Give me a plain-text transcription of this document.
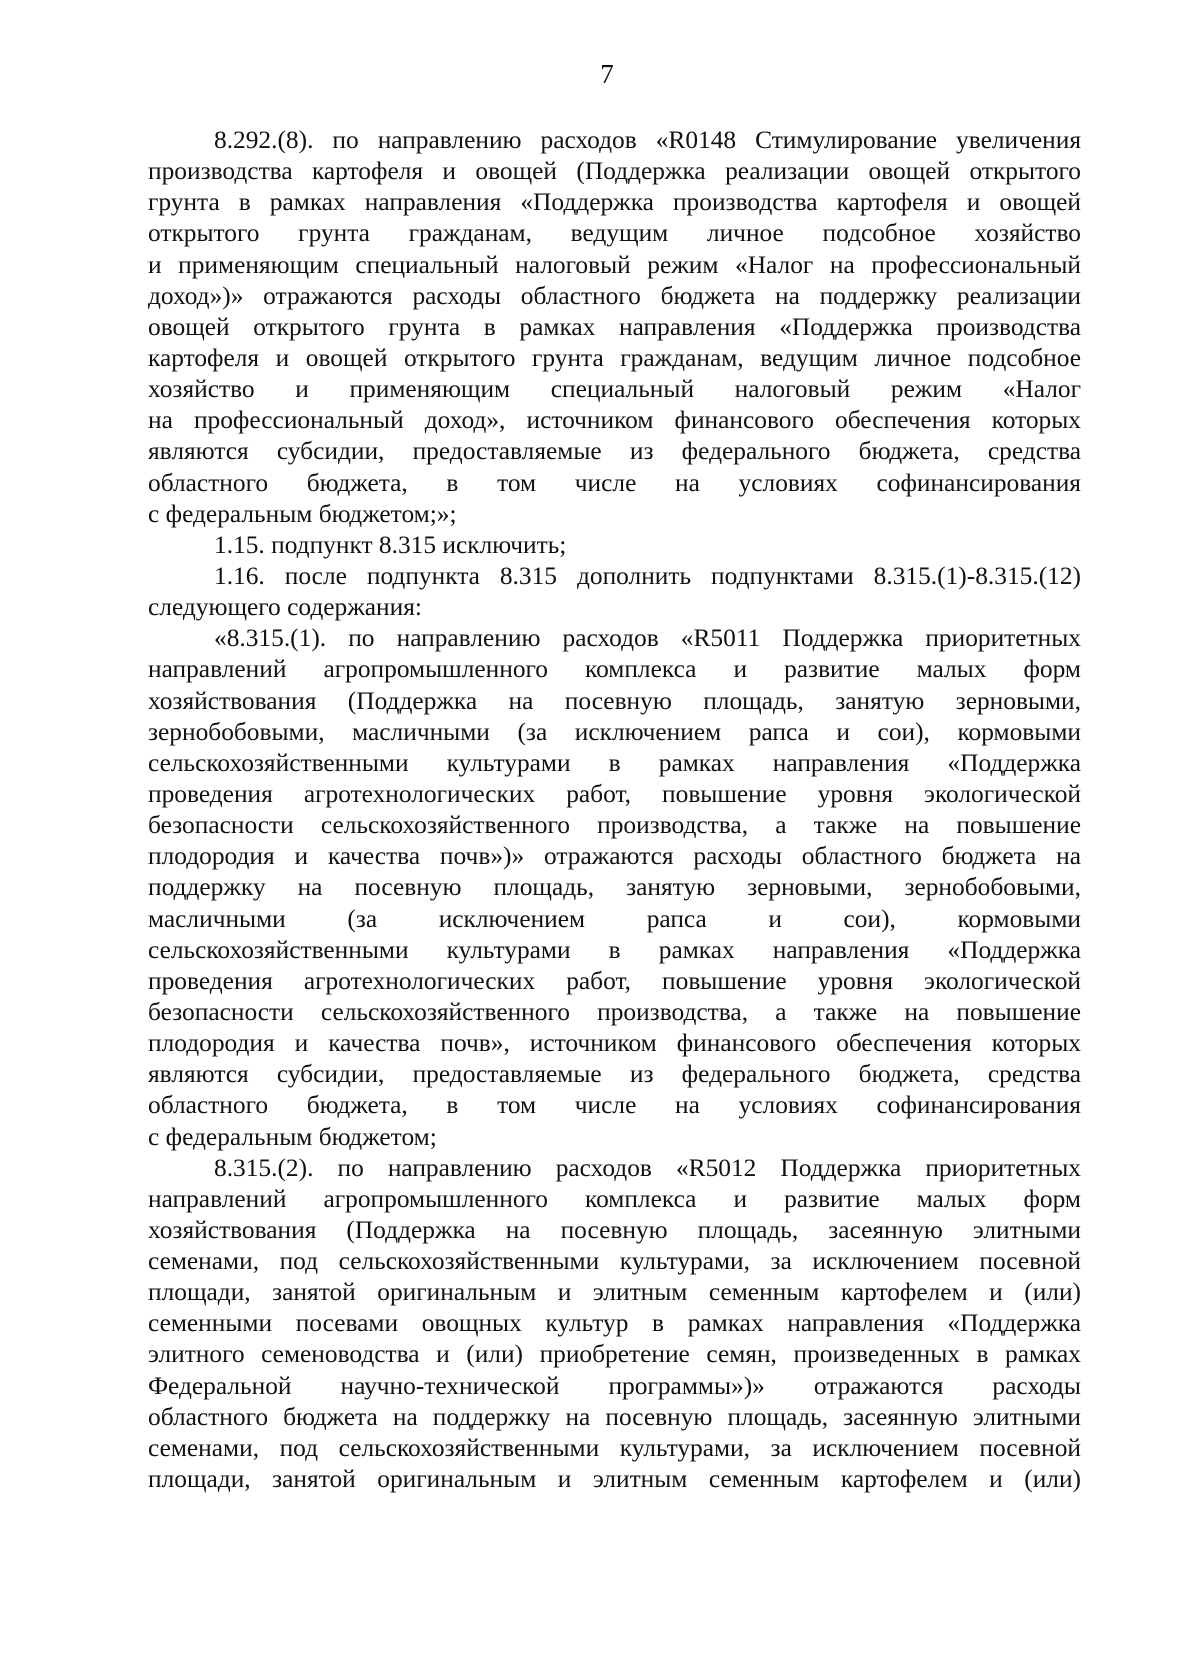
7
8.292.(8). по направлению расходов «R0148 Стимулирование увеличения
производства картофеля и овощей (Поддержка реализации овощей открытого
грунта в рамках направления «Поддержка производства картофеля и овощей
открытого грунта гражданам, ведущим личное подсобное хозяйство
и применяющим специальный налоговый режим «Налог на профессиональный
доход»)» отражаются расходы областного бюджета на поддержку реализации
овощей открытого грунта в рамках направления «Поддержка производства
картофеля и овощей открытого грунта гражданам, ведущим личное подсобное
хозяйство и применяющим специальный налоговый режим «Налог
на профессиональный доход», источником финансового обеспечения которых
являются субсидии, предоставляемые из федерального бюджета, средства
областного бюджета, в том числе на условиях софинансирования
с федеральным бюджетом;»;
1.15. подпункт 8.315 исключить;
1.16. после подпункта 8.315 дополнить подпунктами 8.315.(1)-8.315.(12)
следующего содержания:
«8.315.(1). по направлению расходов «R5011 Поддержка приоритетных
направлений агропромышленного комплекса и развитие малых форм
хозяйствования (Поддержка на посевную площадь, занятую зерновыми,
зернобобовыми, масличными (за исключением рапса и сои), кормовыми
сельскохозяйственными культурами в рамках направления «Поддержка
проведения агротехнологических работ, повышение уровня экологической
безопасности сельскохозяйственного производства, а также на повышение
плодородия и качества почв»)» отражаются расходы областного бюджета на
поддержку на посевную площадь, занятую зерновыми, зернобобовыми,
масличными (за исключением рапса и сои), кормовыми
сельскохозяйственными культурами в рамках направления «Поддержка
проведения агротехнологических работ, повышение уровня экологической
безопасности сельскохозяйственного производства, а также на повышение
плодородия и качества почв», источником финансового обеспечения которых
являются субсидии, предоставляемые из федерального бюджета, средства
областного бюджета, в том числе на условиях софинансирования
с федеральным бюджетом;
8.315.(2). по направлению расходов «R5012 Поддержка приоритетных
направлений агропромышленного комплекса и развитие малых форм
хозяйствования (Поддержка на посевную площадь, засеянную элитными
семенами, под сельскохозяйственными культурами, за исключением посевной
площади, занятой оригинальным и элитным семенным картофелем и (или)
семенными посевами овощных культур в рамках направления «Поддержка
элитного семеноводства и (или) приобретение семян, произведенных в рамках
Федеральной научно-технической программы»)» отражаются расходы
областного бюджета на поддержку на посевную площадь, засеянную элитными
семенами, под сельскохозяйственными культурами, за исключением посевной
площади, занятой оригинальным и элитным семенным картофелем и (или)
